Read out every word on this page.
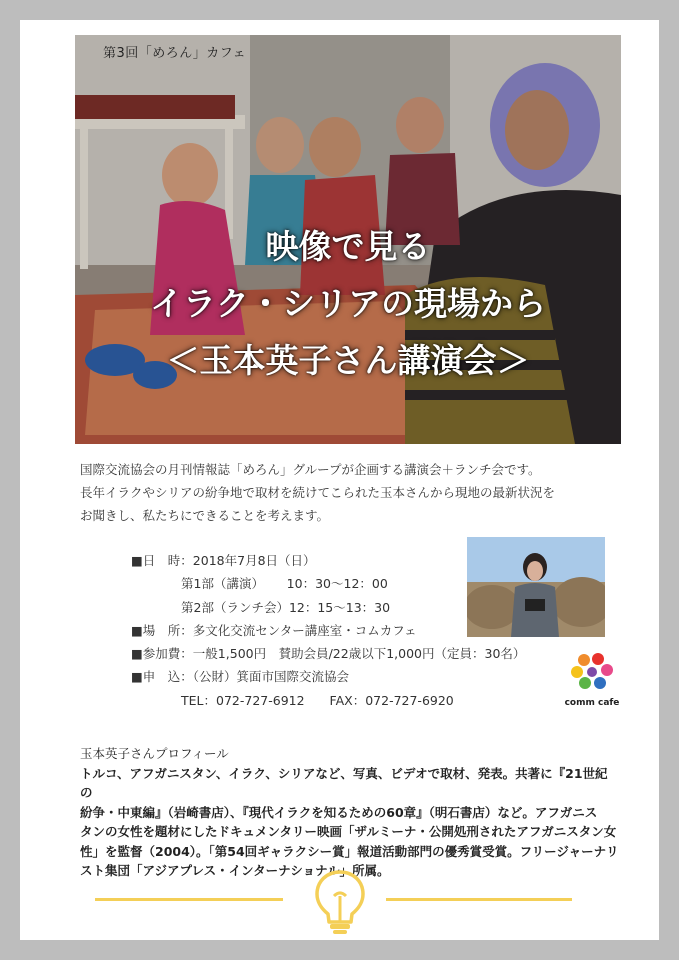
第3回「めろん」カフェ
映像で見る
イラク・シリアの現場から
＜玉本英子さん講演会＞
国際交流協会の月刊情報誌「めろん」グループが企画する講演会＋ランチ会です。
長年イラクやシリアの紛争地で取材を続けてこられた玉本さんから現地の最新状況を
お聞きし、私たちにできることを考えます。
■日　時：2018年7月8日（日）
　　　　第1部（講演）　　 10：30～12：00
　　　　第2部（ランチ会）12：15～13：30
■場　所：多文化交流センター講座室・コムカフェ
■参加費：一般1,500円　賛助会員/22歳以下1,000円（定員：30名）
■申　込：（公財）箕面市国際交流協会
　　　　TEL：072-727-6912　　FAX：072-727-6920	comm cafe
玉本英子さんプロフィール
トルコ、アフガニスタン、イラク、シリアなど、写真、ビデオで取材、発表。共著に『21世紀の
紛争・中東編』（岩崎書店）、『現代イラクを知るための60章』（明石書店）など。アフガニス
タンの女性を題材にしたドキュメンタリー映画「ザルミーナ・公開処刑されたアフガニスタン女
性」を監督（2004）。「第54回ギャラクシー賞」報道活動部門の優秀賞受賞。フリージャーナリ
スト集団「アジアプレス・インターナショナル」所属。
